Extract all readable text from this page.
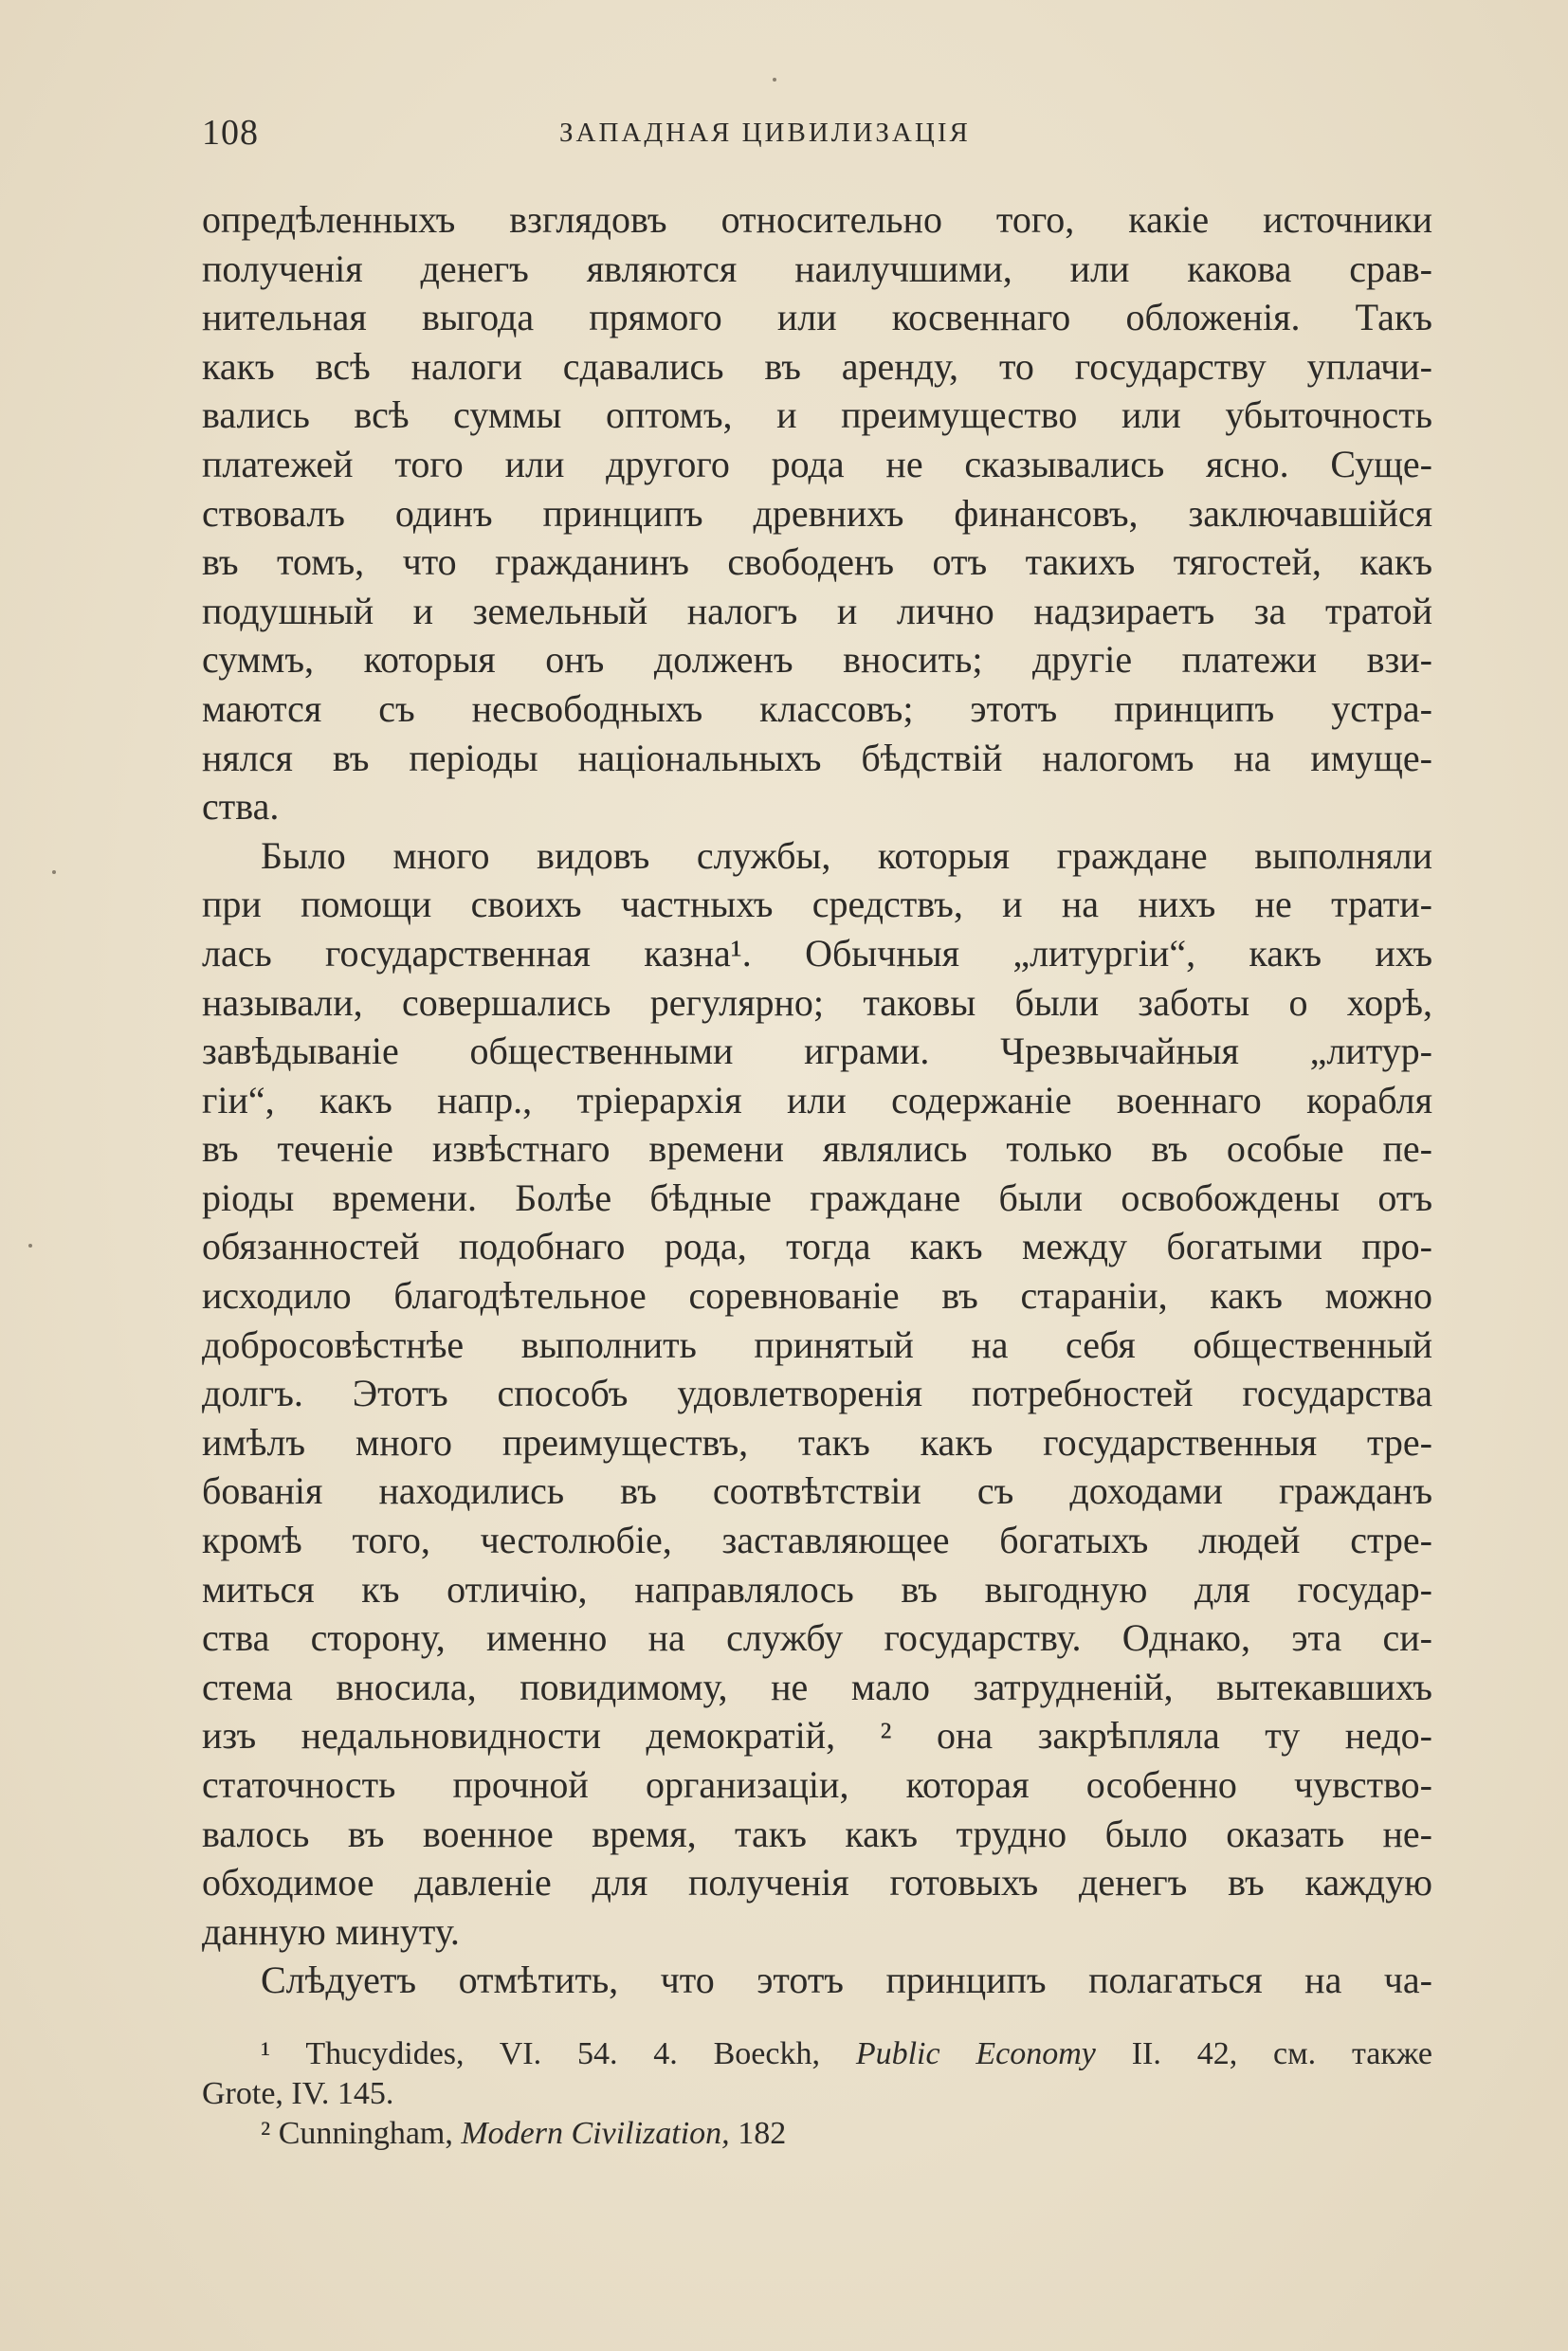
108	ЗАПАДНАЯ ЦИВИЛИЗАЦІЯ
опредѣленныхъ взглядовъ относительно того, какіе источники
полученія денегъ являются наилучшими, или какова срав-
нительная выгода прямого или косвеннаго обложенія. Такъ
какъ всѣ налоги сдавались въ аренду, то государству уплачи-
вались всѣ суммы оптомъ, и преимущество или убыточность
платежей того или другого рода не сказывались ясно. Суще-
ствовалъ одинъ принципъ древнихъ финансовъ, заключавшійся
въ томъ, что гражданинъ свободенъ отъ такихъ тягостей, какъ
подушный и земельный налогъ и лично надзираетъ за тратой
суммъ, которыя онъ долженъ вносить; другіе платежи взи-
маются съ несвободныхъ классовъ; этотъ принципъ устра-
нялся въ періоды національныхъ бѣдствій налогомъ на имуще-
ства.
Было много видовъ службы, которыя граждане выполняли
при помощи своихъ частныхъ средствъ, и на нихъ не трати-
лась государственная казна¹. Обычныя „литургіи“, какъ ихъ
называли, совершались регулярно; таковы были заботы о хорѣ,
завѣдываніе общественными играми. Чрезвычайныя „литур-
гіи“, какъ напр., тріерархія или содержаніе военнаго корабля
въ теченіе извѣстнаго времени являлись только въ особые пе-
ріоды времени. Болѣе бѣдные граждане были освобождены отъ
обязанностей подобнаго рода, тогда какъ между богатыми про-
исходило благодѣтельное соревнованіе въ стараніи, какъ можно
добросовѣстнѣе выполнить принятый на себя общественный
долгъ. Этотъ способъ удовлетворенія потребностей государства
имѣлъ много преимуществъ, такъ какъ государственныя тре-
бованія находились въ соотвѣтствіи съ доходами гражданъ
кромѣ того, честолюбіе, заставляющее богатыхъ людей стре-
миться къ отличію, направлялось въ выгодную для государ-
ства сторону, именно на службу государству. Однако, эта си-
стема вносила, повидимому, не мало затрудненій, вытекавшихъ
изъ недальновидности демократій, ² она закрѣпляла ту недо-
статочность прочной организаціи, которая особенно чувство-
валось въ военное время, такъ какъ трудно было оказать не-
обходимое давленіе для полученія готовыхъ денегъ въ каждую
данную минуту.
Слѣдуетъ отмѣтить, что этотъ принципъ полагаться на ча-
¹ Thucydides, VI. 54. 4. Boeckh, Public Economy II. 42, см. также
Grote, IV. 145.
² Cunningham, Modern Civilization, 182
